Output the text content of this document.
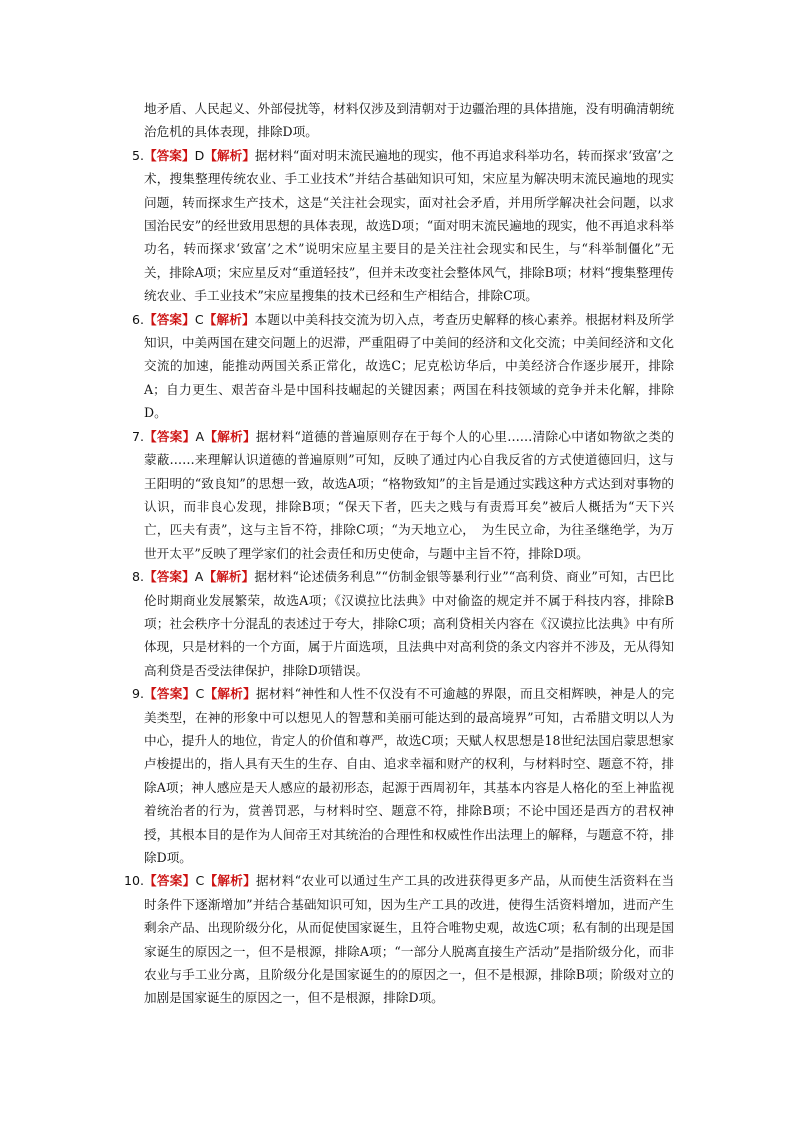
地矛盾、人民起义、外部侵扰等，材料仅涉及到清朝对于边疆治理的具体措施，没有明确清朝统治危机的具体表现，排除D项。
5. 【答案】D【解析】据材料“面对明末流民遍地的现实，他不再追求科举功名，转而探求‘致富’之术，搜集整理传统农业、手工业技术”并结合基础知识可知，宋应星为解决明末流民遍地的现实问题，转而探求生产技术，这是“关注社会现实，面对社会矛盾，并用所学解决社会问题，以求国治民安”的经世致用思想的具体表现，故选D项；“面对明末流民遍地的现实，他不再追求科举功名，转而探求‘致富’之术”说明宋应星主要目的是关注社会现实和民生，与“科举制僵化”无关，排除A项；宋应星反对“重道轻技”，但并未改变社会整体风气，排除B项；材料“搜集整理传统农业、手工业技术”宋应星搜集的技术已经和生产相结合，排除C项。
6. 【答案】C【解析】本题以中美科技交流为切入点，考查历史解释的核心素养。根据材料及所学知识，中美两国在建交问题上的迟滞，严重阻碍了中美间的经济和文化交流；中美间经济和文化交流的加速，能推动两国关系正常化，故选C；尼克松访华后，中美经济合作逐步展开，排除A；自力更生、艰苦奋斗是中国科技崛起的关键因素；两国在科技领域的竞争并未化解，排除D。
7. 【答案】A【解析】据材料“道德的普遍原则存在于每个人的心里……清除心中诸如物欲之类的蒙蔽……来理解认识道德的普遍原则”可知，反映了通过内心自我反省的方式使道德回归，这与王阳明的“致良知”的思想一致，故选A项；“格物致知”的主旨是通过实践这种方式达到对事物的认识，而非良心发现，排除B项；“保天下者，匹夫之贱与有责焉耳矣”被后人概括为“天下兴亡，匹夫有责”，这与主旨不符，排除C项；“为天地立心，　为生民立命，为往圣继绝学，为万世开太平”反映了理学家们的社会责任和历史使命，与题中主旨不符，排除D项。
8. 【答案】A【解析】据材料“论述债务利息”“仿制金银等暴利行业”“高利贷、商业”可知，古巴比伦时期商业发展繁荣，故选A项；《汉谟拉比法典》中对偷盗的规定并不属于科技内容，排除B项；社会秩序十分混乱的表述过于夸大，排除C项；高利贷相关内容在《汉谟拉比法典》中有所体现，只是材料的一个方面，属于片面选项，且法典中对高利贷的条文内容并不涉及，无从得知高利贷是否受法律保护，排除D项错误。
9. 【答案】C【解析】据材料“神性和人性不仅没有不可逾越的界限，而且交相辉映，神是人的完美类型，在神的形象中可以想见人的智慧和美丽可能达到的最高境界”可知，古希腊文明以人为中心，提升人的地位，肯定人的价值和尊严，故选C项；天赋人权思想是18世纪法国启蒙思想家卢梭提出的，指人具有天生的生存、自由、追求幸福和财产的权利，与材料时空、题意不符，排除A项；神人感应是天人感应的最初形态，起源于西周初年，其基本内容是人格化的至上神监视着统治者的行为，赏善罚恶，与材料时空、题意不符，排除B项；不论中国还是西方的君权神授，其根本目的是作为人间帝王对其统治的合理性和权威性作出法理上的解释，与题意不符，排除D项。
10. 【答案】C【解析】据材料“农业可以通过生产工具的改进获得更多产品，从而使生活资料在当时条件下逐渐增加”并结合基础知识可知，因为生产工具的改进，使得生活资料增加，进而产生剩余产品、出现阶级分化，从而促使国家诞生，且符合唯物史观，故选C项；私有制的出现是国家诞生的原因之一，但不是根源，排除A项；“一部分人脱离直接生产活动”是指阶级分化，而非农业与手工业分离，且阶级分化是国家诞生的的原因之一，但不是根源，排除B项；阶级对立的加剧是国家诞生的原因之一，但不是根源，排除D项。
